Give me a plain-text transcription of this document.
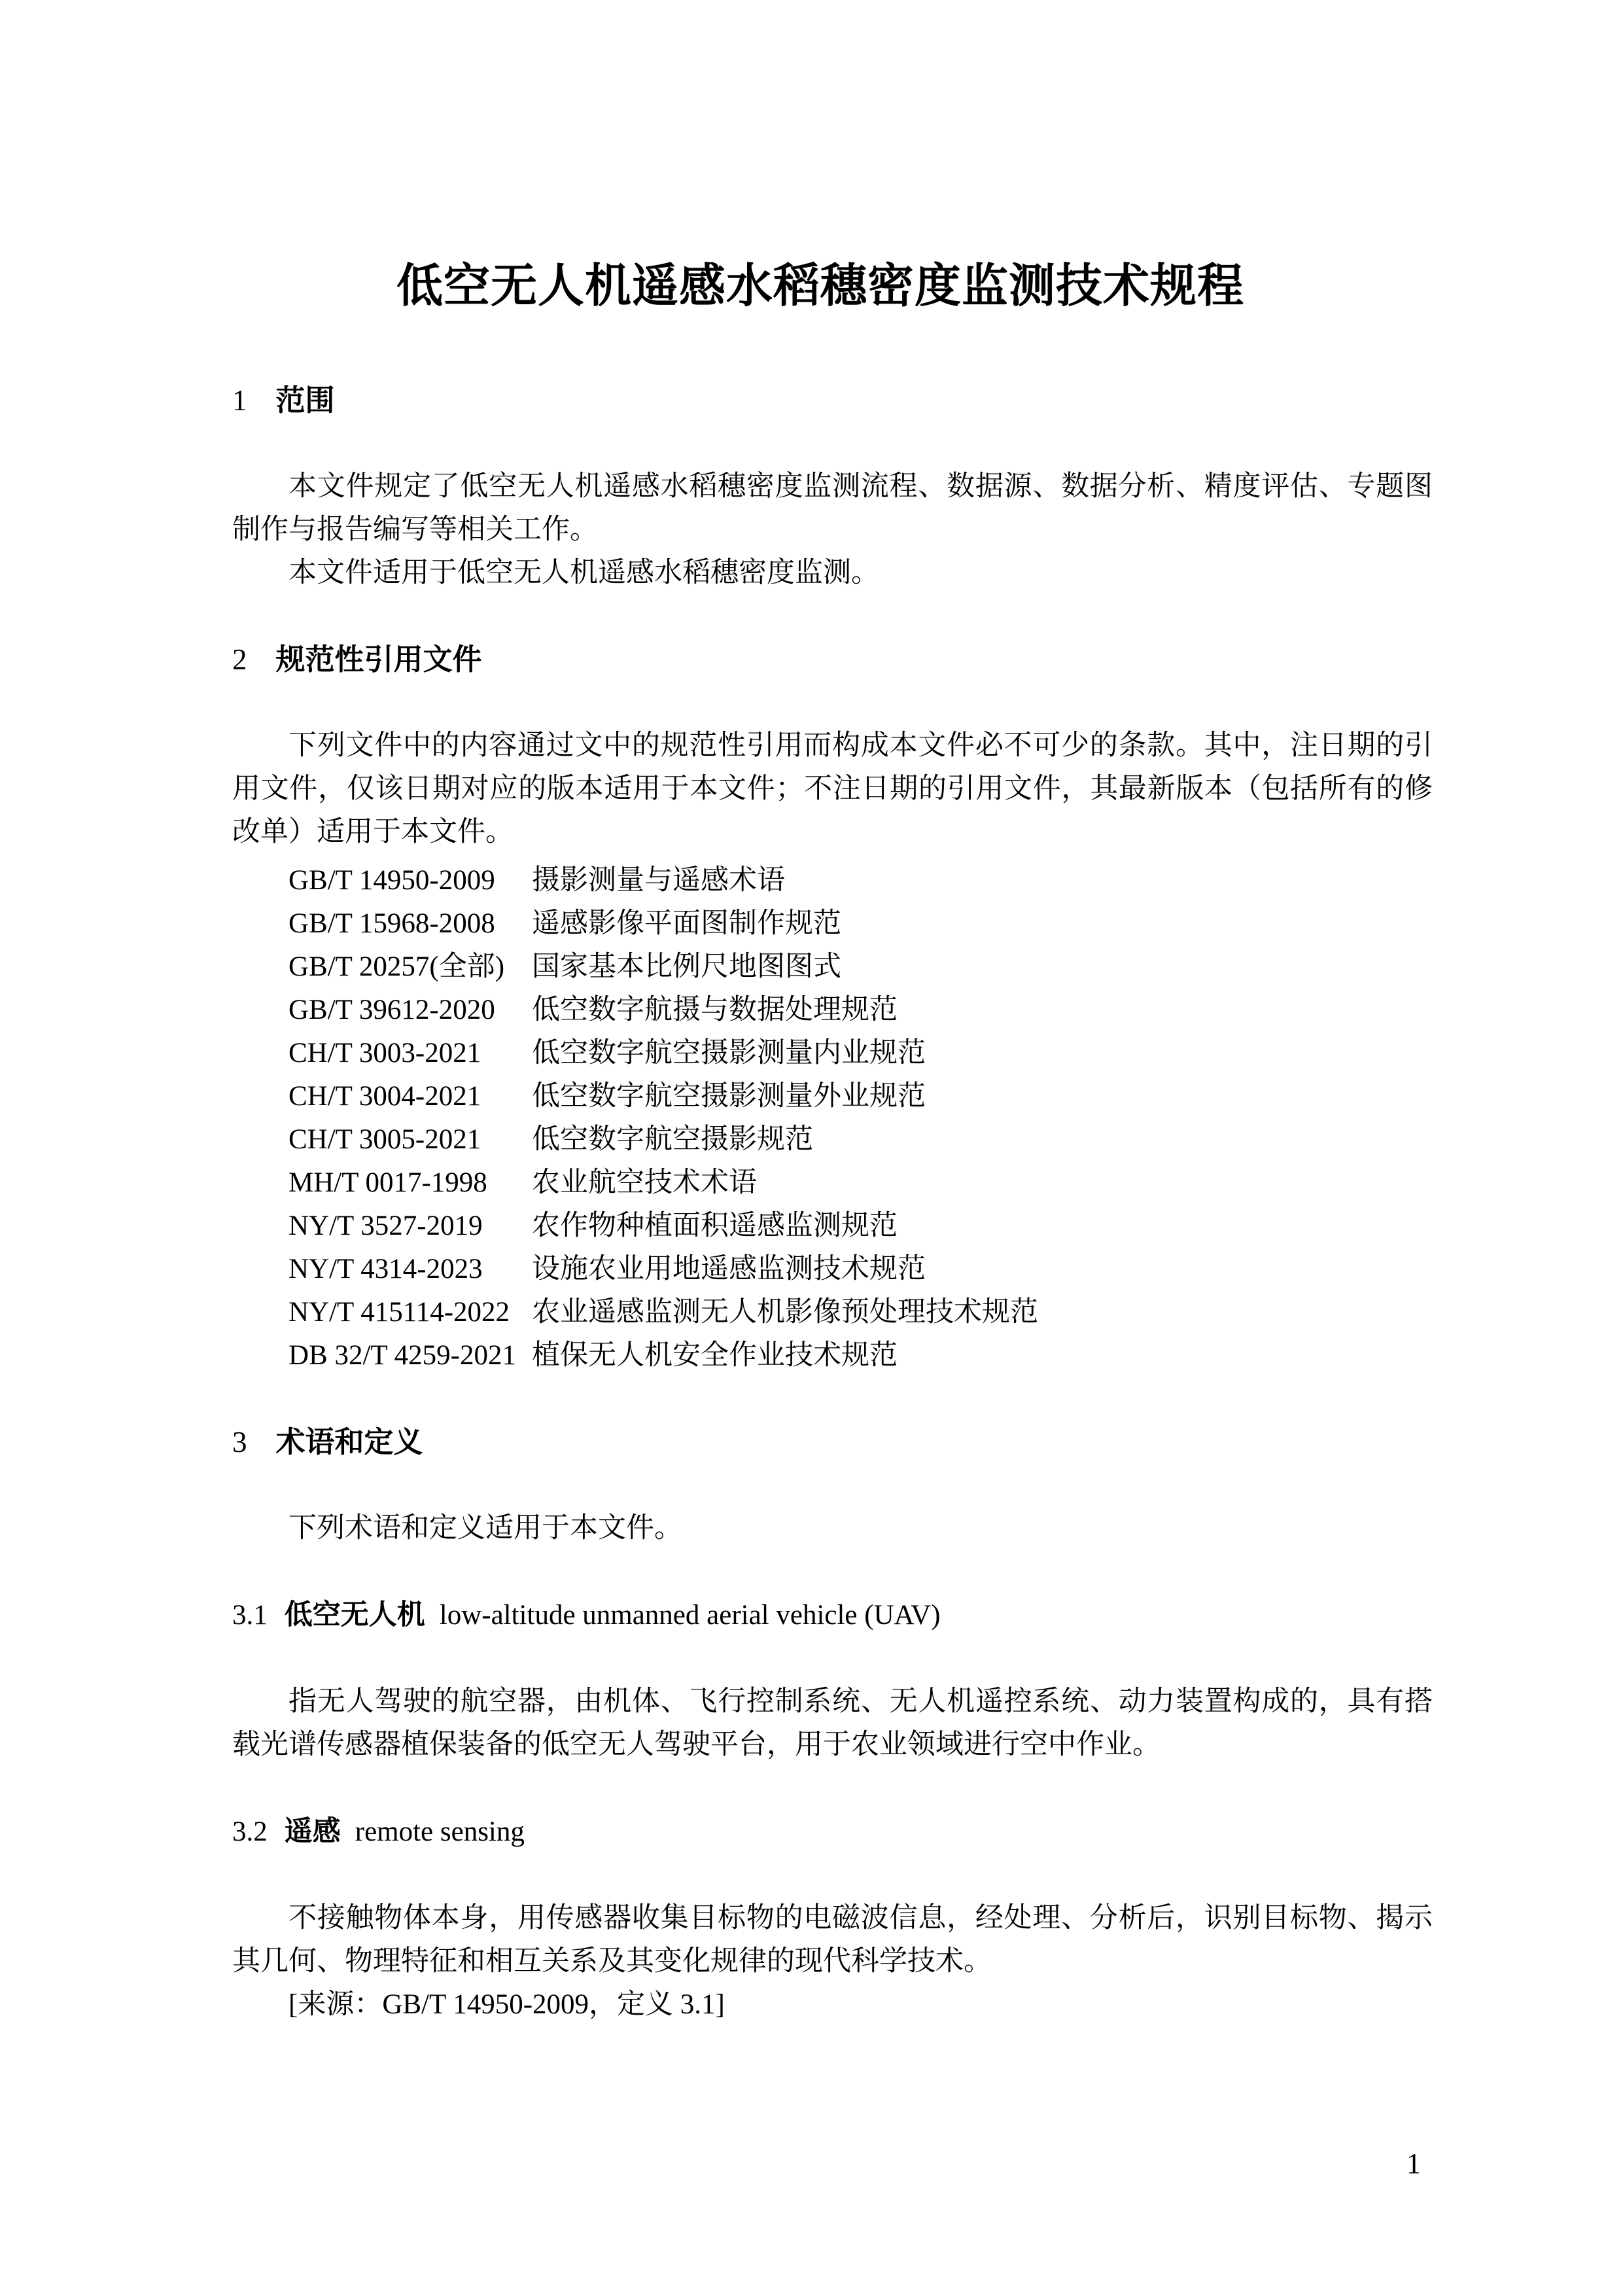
低空无人机遥感水稻穗密度监测技术规程
1 范围

本文件规定了低空无人机遥感水稻穗密度监测流程、数据源、数据分析、精度评估、专题图制作与报告编写等相关工作。

本文件适用于低空无人机遥感水稻穗密度监测。

2 规范性引用文件

下列文件中的内容通过文中的规范性引用而构成本文件必不可少的条款。其中，注日期的引用文件，仅该日期对应的版本适用于本文件；不注日期的引用文件，其最新版本（包括所有的修改单）适用于本文件。

GB/T 14950-2009 摄影测量与遥感术语
GB/T 15968-2008 遥感影像平面图制作规范
GB/T 20257(全部) 国家基本比例尺地图图式
GB/T 39612-2020 低空数字航摄与数据处理规范
CH/T 3003-2021 低空数字航空摄影测量内业规范
CH/T 3004-2021 低空数字航空摄影测量外业规范
CH/T 3005-2021 低空数字航空摄影规范
MH/T 0017-1998 农业航空技术术语
NY/T 3527-2019 农作物种植面积遥感监测规范
NY/T 4314-2023 设施农业用地遥感监测技术规范
NY/T 415114-2022 农业遥感监测无人机影像预处理技术规范
DB 32/T 4259-2021 植保无人机安全作业技术规范
3 术语和定义

下列术语和定义适用于本文件。

3.1 低空无人机 low-altitude unmanned aerial vehicle (UAV)

指无人驾驶的航空器，由机体、飞行控制系统、无人机遥控系统、动力装置构成的，具有搭载光谱传感器植保装备的低空无人驾驶平台，用于农业领域进行空中作业。

3.2 遥感 remote sensing

不接触物体本身，用传感器收集目标物的电磁波信息，经处理、分析后，识别目标物、揭示其几何、物理特征和相互关系及其变化规律的现代科学技术。

[来源：GB/T 14950-2009，定义 3.1]

1
